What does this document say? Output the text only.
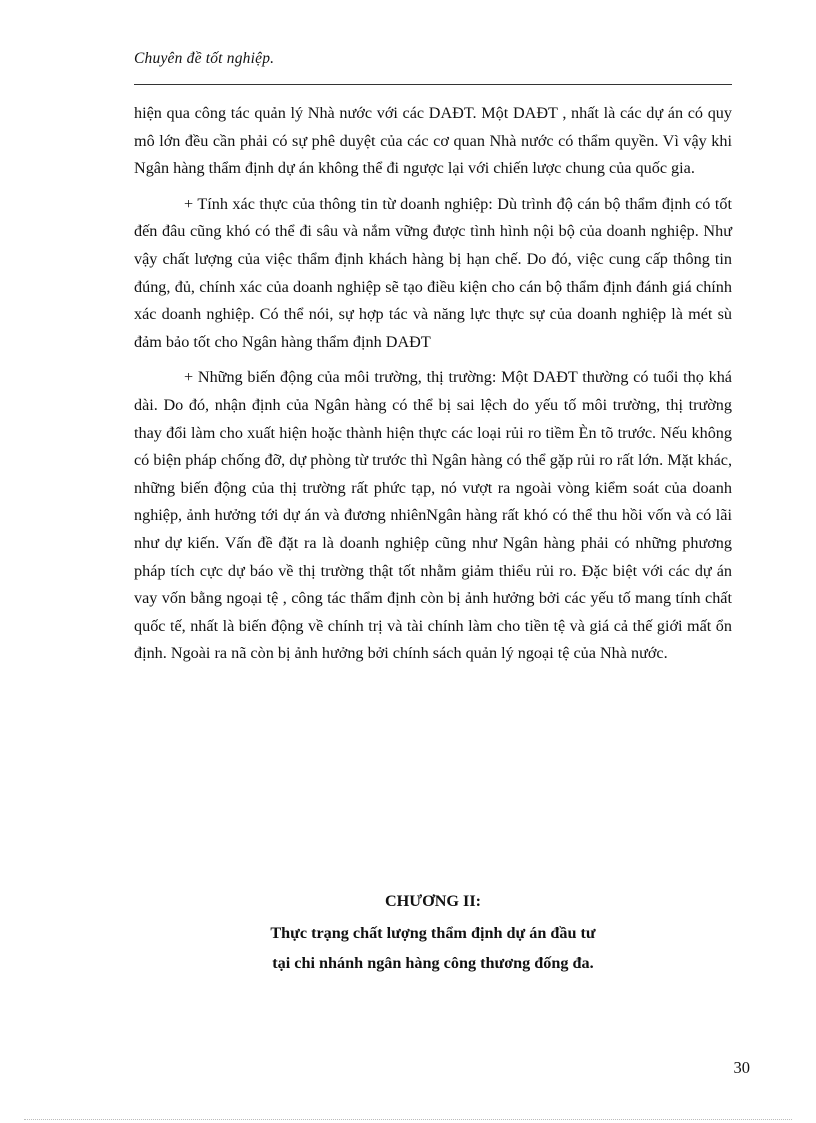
Chuyên đề tốt nghiệp.

hiện qua công tác quản lý Nhà nước với các DAĐT. Một DAĐT , nhất là các dự án có quy mô lớn đều cần phải có sự phê duyệt của các cơ quan Nhà nước có thẩm quyền. Vì vậy khi Ngân hàng thẩm định dự án không thể đi ngược lại với chiến lược chung của quốc gia.

+ Tính xác thực của thông tin từ doanh nghiệp: Dù trình độ cán bộ thẩm định có tốt đến đâu cũng khó có thể đi sâu và nắm vững được tình hình nội bộ của doanh nghiệp. Như vậy chất lượng của việc thẩm định khách hàng bị hạn chế. Do đó, việc cung cấp thông tin đúng, đủ, chính xác của doanh nghiệp sẽ tạo điều kiện cho cán bộ thẩm định đánh giá chính xác doanh nghiệp. Có thể nói, sự hợp tác và năng lực thực sự của doanh nghiệp là mét sù đảm bảo tốt cho Ngân hàng thẩm định DAĐT

+ Những biến động của môi trường, thị trường: Một DAĐT thường có tuổi thọ khá dài. Do đó, nhận định của Ngân hàng có thể bị sai lệch do yếu tố môi trường, thị trường thay đổi làm cho xuất hiện hoặc thành hiện thực các loại rủi ro tiềm Èn tõ trước. Nếu không có biện pháp chống đỡ, dự phòng từ trước thì Ngân hàng có thể gặp rủi ro rất lớn. Mặt khác, những biến động của thị trường rất phức tạp, nó vượt ra ngoài vòng kiểm soát của doanh nghiệp, ảnh hưởng tới dự án và đương nhiênNgân hàng rất khó có thể thu hồi vốn và có lãi như dự kiến. Vấn đề đặt ra là doanh nghiệp cũng như Ngân hàng phải có những phương pháp tích cực dự báo về thị trường thật tốt nhằm giảm thiểu rủi ro. Đặc biệt với các dự án vay vốn bằng ngoại tệ , công tác thẩm định còn bị ảnh hưởng bởi các yếu tố mang tính chất quốc tế, nhất là biến động về chính trị và tài chính làm cho tiền tệ và giá cả thế giới mất ổn định. Ngoài ra nã còn bị ảnh hưởng bởi chính sách quản lý ngoại tệ của Nhà nước.

CHƯƠNG II:
Thực trạng chất lượng thẩm định dự án đầu tư
tại chi nhánh ngân hàng công thương đống đa.
30
